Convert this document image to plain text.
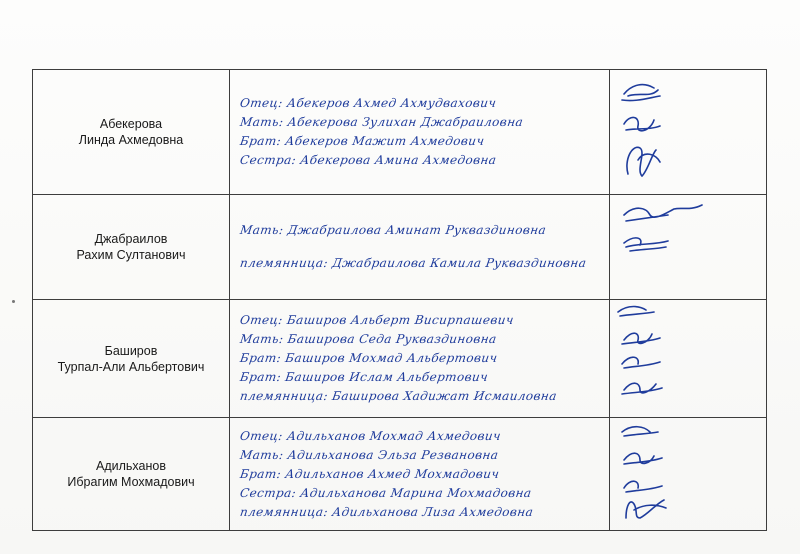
Абекерова
Линда Ахмедовна	Отец: Абекеров Ахмед Ахмудвахович
Мать: Абекерова Зулихан Джабраиловна
Брат: Абекеров Мажит Ахмедович
Сестра: Абекерова Амина Ахмедовна

Джабраилов
Рахим Султанович	Мать: Джабраилова Аминат Рукваздиновна
племянница: Джабраилова Камила Рукваздиновна

Баширов
Турпал-Али Альбертович	Отец: Баширов Альберт Висирпашевич
Мать: Баширова Седа Рукваздиновна
Брат: Баширов Мохмад Альбертович
Брат: Баширов Ислам Альбертович
племянница: Баширова Хадижат Исмаиловна

Адильханов
Ибрагим Мохмадович	Отец: Адильханов Мохмад Ахмедович
Мать: Адильханова Эльза Резвановна
Брат: Адильханов Ахмед Мохмадович
Сестра: Адильханова Марина Мохмадовна
племянница: Адильханова Лиза Ахмедовна
